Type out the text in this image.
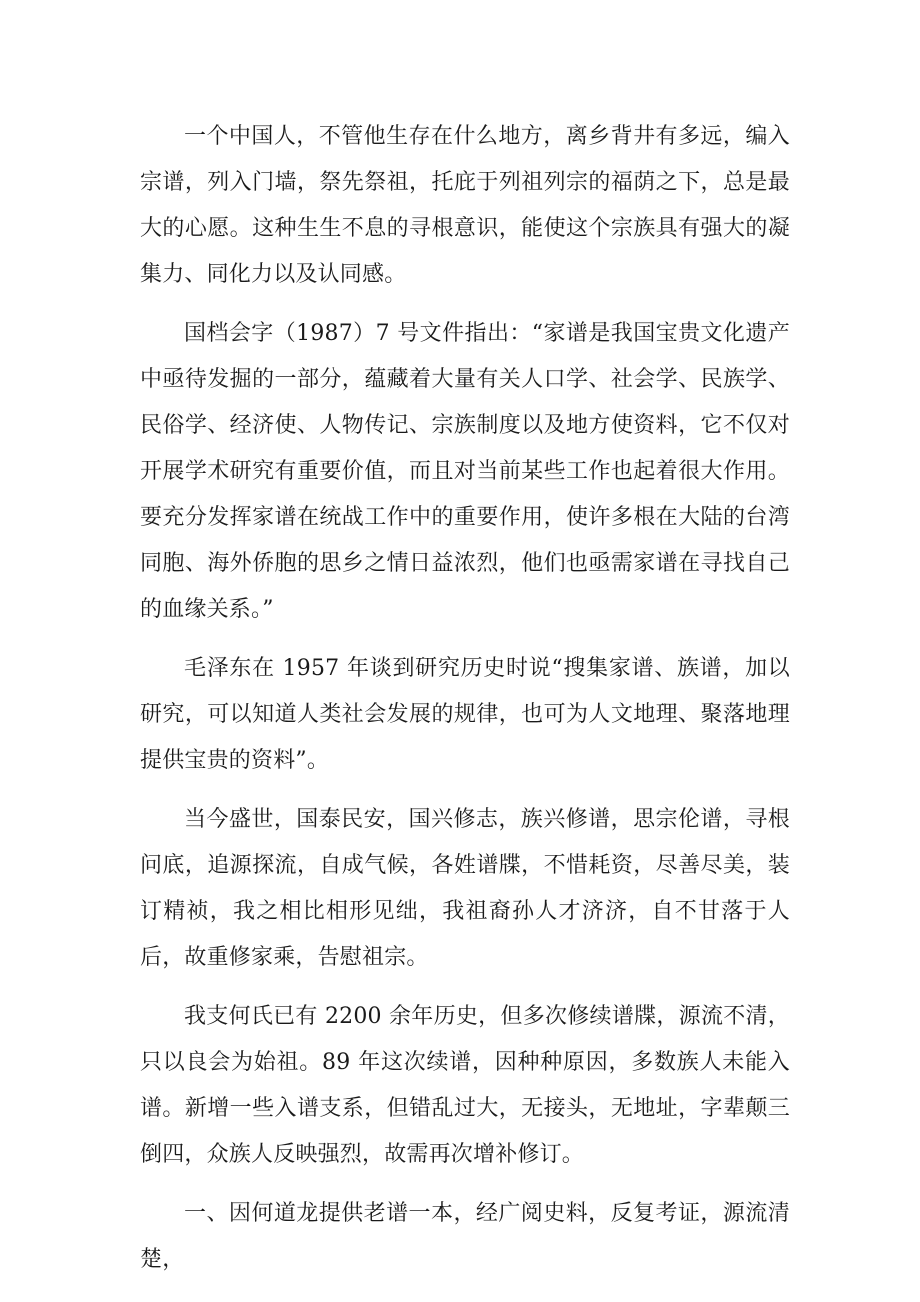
一个中国人，不管他生存在什么地方，离乡背井有多远，编入宗谱，列入门墙，祭先祭祖，托庇于列祖列宗的福荫之下，总是最大的心愿。这种生生不息的寻根意识，能使这个宗族具有强大的凝集力、同化力以及认同感。

国档会字（1987）7 号文件指出：“家谱是我国宝贵文化遗产中亟待发掘的一部分，蕴藏着大量有关人口学、社会学、民族学、民俗学、经济使、人物传记、宗族制度以及地方使资料，它不仅对开展学术研究有重要价值，而且对当前某些工作也起着很大作用。要充分发挥家谱在统战工作中的重要作用，使许多根在大陆的台湾同胞、海外侨胞的思乡之情日益浓烈，他们也亟需家谱在寻找自己的血缘关系。”

毛泽东在 1957 年谈到研究历史时说“搜集家谱、族谱，加以研究，可以知道人类社会发展的规律，也可为人文地理、聚落地理提供宝贵的资料”。

当今盛世，国泰民安，国兴修志，族兴修谱，思宗伦谱，寻根问底，追源探流，自成气候，各姓谱牒，不惜耗资，尽善尽美，装订精祯，我之相比相形见绌，我祖裔孙人才济济，自不甘落于人后，故重修家乘，告慰祖宗。

我支何氏已有 2200 余年历史，但多次修续谱牒，源流不清，只以良会为始祖。89 年这次续谱，因种种原因，多数族人未能入谱。新增一些入谱支系，但错乱过大，无接头，无地址，字辈颠三倒四，众族人反映强烈，故需再次增补修订。

一、因何道龙提供老谱一本，经广阅史料，反复考证，源流清楚，
